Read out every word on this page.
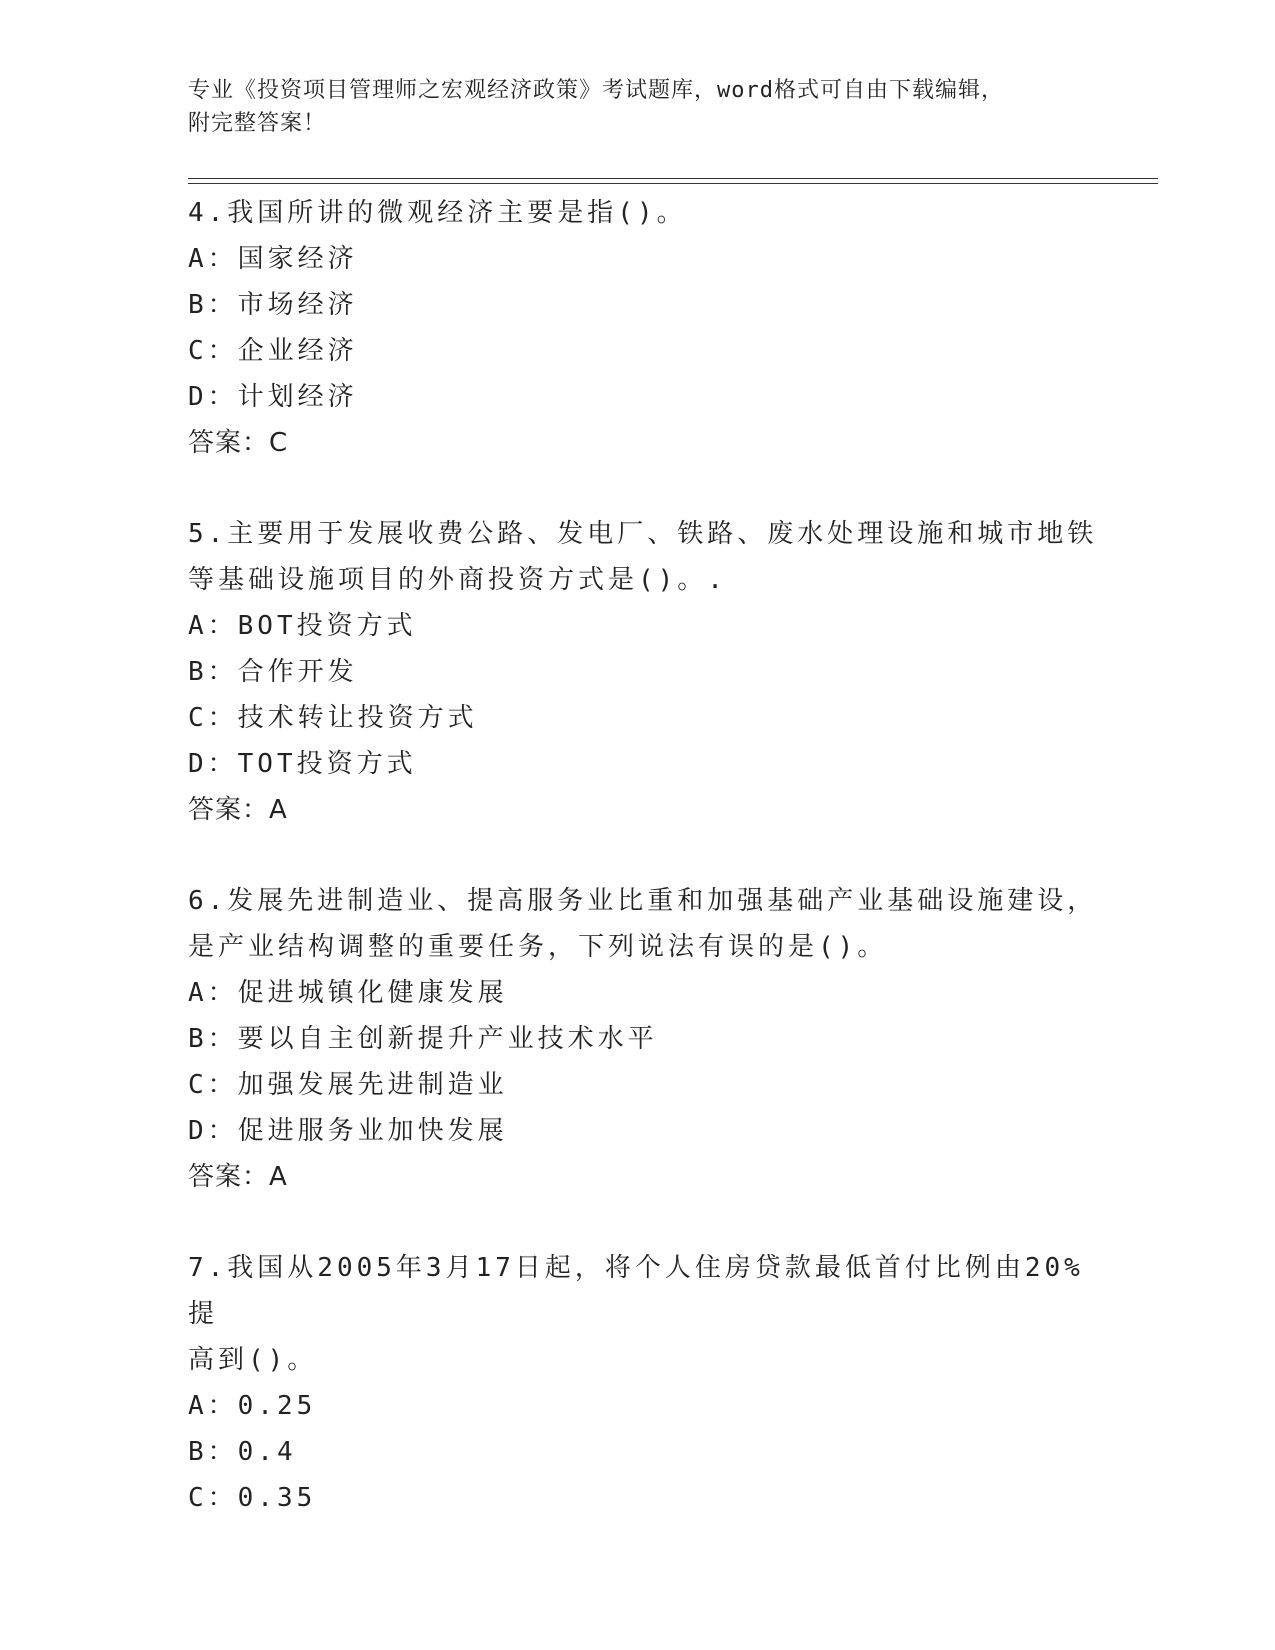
专业《投资项目管理师之宏观经济政策》考试题库，word格式可自由下载编辑，
附完整答案！

4.我国所讲的微观经济主要是指()。

A：国家经济

B：市场经济

C：企业经济

D：计划经济

答案：C

5.主要用于发展收费公路、发电厂、铁路、废水处理设施和城市地铁

等基础设施项目的外商投资方式是()。.

A：BOT投资方式

B：合作开发

C：技术转让投资方式

D：TOT投资方式

答案：A

6.发展先进制造业、提高服务业比重和加强基础产业基础设施建设，

是产业结构调整的重要任务，下列说法有误的是()。

A：促进城镇化健康发展

B：要以自主创新提升产业技术水平

C：加强发展先进制造业

D：促进服务业加快发展

答案：A

7.我国从2005年3月17日起，将个人住房贷款最低首付比例由20%提

高到()。

A：0.25

B：0.4

C：0.35
